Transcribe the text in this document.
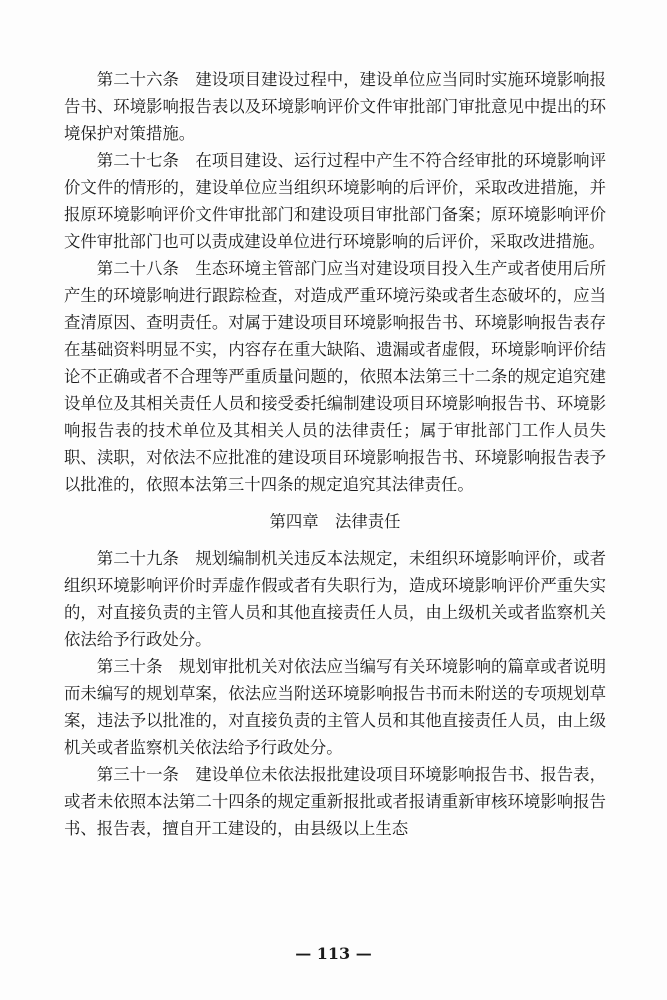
第二十六条　建设项目建设过程中，建设单位应当同时实施环境影响报告书、环境影响报告表以及环境影响评价文件审批部门审批意见中提出的环境保护对策措施。

第二十七条　在项目建设、运行过程中产生不符合经审批的环境影响评价文件的情形的，建设单位应当组织环境影响的后评价，采取改进措施，并报原环境影响评价文件审批部门和建设项目审批部门备案；原环境影响评价文件审批部门也可以责成建设单位进行环境影响的后评价，采取改进措施。

第二十八条　生态环境主管部门应当对建设项目投入生产或者使用后所产生的环境影响进行跟踪检查，对造成严重环境污染或者生态破坏的，应当查清原因、查明责任。对属于建设项目环境影响报告书、环境影响报告表存在基础资料明显不实，内容存在重大缺陷、遗漏或者虚假，环境影响评价结论不正确或者不合理等严重质量问题的，依照本法第三十二条的规定追究建设单位及其相关责任人员和接受委托编制建设项目环境影响报告书、环境影响报告表的技术单位及其相关人员的法律责任；属于审批部门工作人员失职、渎职，对依法不应批准的建设项目环境影响报告书、环境影响报告表予以批准的，依照本法第三十四条的规定追究其法律责任。

第四章　法律责任

第二十九条　规划编制机关违反本法规定，未组织环境影响评价，或者组织环境影响评价时弄虚作假或者有失职行为，造成环境影响评价严重失实的，对直接负责的主管人员和其他直接责任人员，由上级机关或者监察机关依法给予行政处分。

第三十条　规划审批机关对依法应当编写有关环境影响的篇章或者说明而未编写的规划草案，依法应当附送环境影响报告书而未附送的专项规划草案，违法予以批准的，对直接负责的主管人员和其他直接责任人员，由上级机关或者监察机关依法给予行政处分。

第三十一条　建设单位未依法报批建设项目环境影响报告书、报告表，或者未依照本法第二十四条的规定重新报批或者报请重新审核环境影响报告书、报告表，擅自开工建设的，由县级以上生态

— 113 —
